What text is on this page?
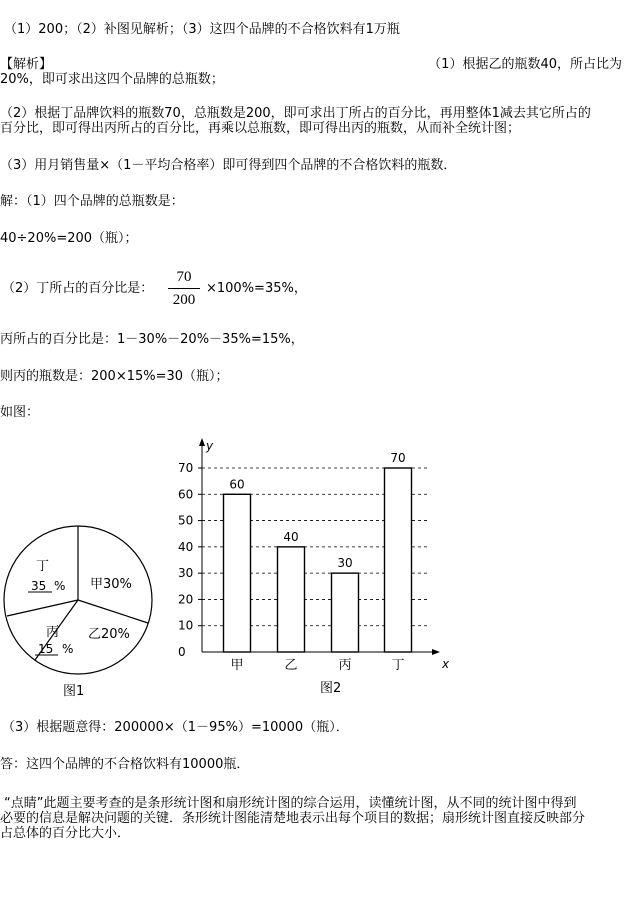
（1）200；（2）补图见解析；（3）这四个品牌的不合格饮料有1万瓶
【解析】	（1）根据乙的瓶数40，所占比为
20%，即可求出这四个品牌的总瓶数；
（2）根据丁品牌饮料的瓶数70，总瓶数是200，即可求出丁所占的百分比，再用整体1减去其它所占的
百分比，即可得出丙所占的百分比，再乘以总瓶数，即可得出丙的瓶数，从而补全统计图；
（3）用月销售量×（1－平均合格率）即可得到四个品牌的不合格饮料的瓶数．
解：（1）四个品牌的总瓶数是：
40÷20%=200（瓶）；
（2）丁所占的百分比是：
70
200
×100%=35%，
丙所占的百分比是：1－30%－20%－35%=15%，
则丙的瓶数是：200×15%=30（瓶）；
如图：
甲30%
乙20%
丁
35 %
丙
15 %
图1
y
x
0
10
20
30
40
50
60
70
60
40
30
70
甲	乙	丙	丁
图2
（3）根据题意得：200000×（1－95%）=10000（瓶）．
答：这四个品牌的不合格饮料有10000瓶．
“点睛”此题主要考查的是条形统计图和扇形统计图的综合运用，读懂统计图，从不同的统计图中得到
必要的信息是解决问题的关键．条形统计图能清楚地表示出每个项目的数据；扇形统计图直接反映部分
占总体的百分比大小．
